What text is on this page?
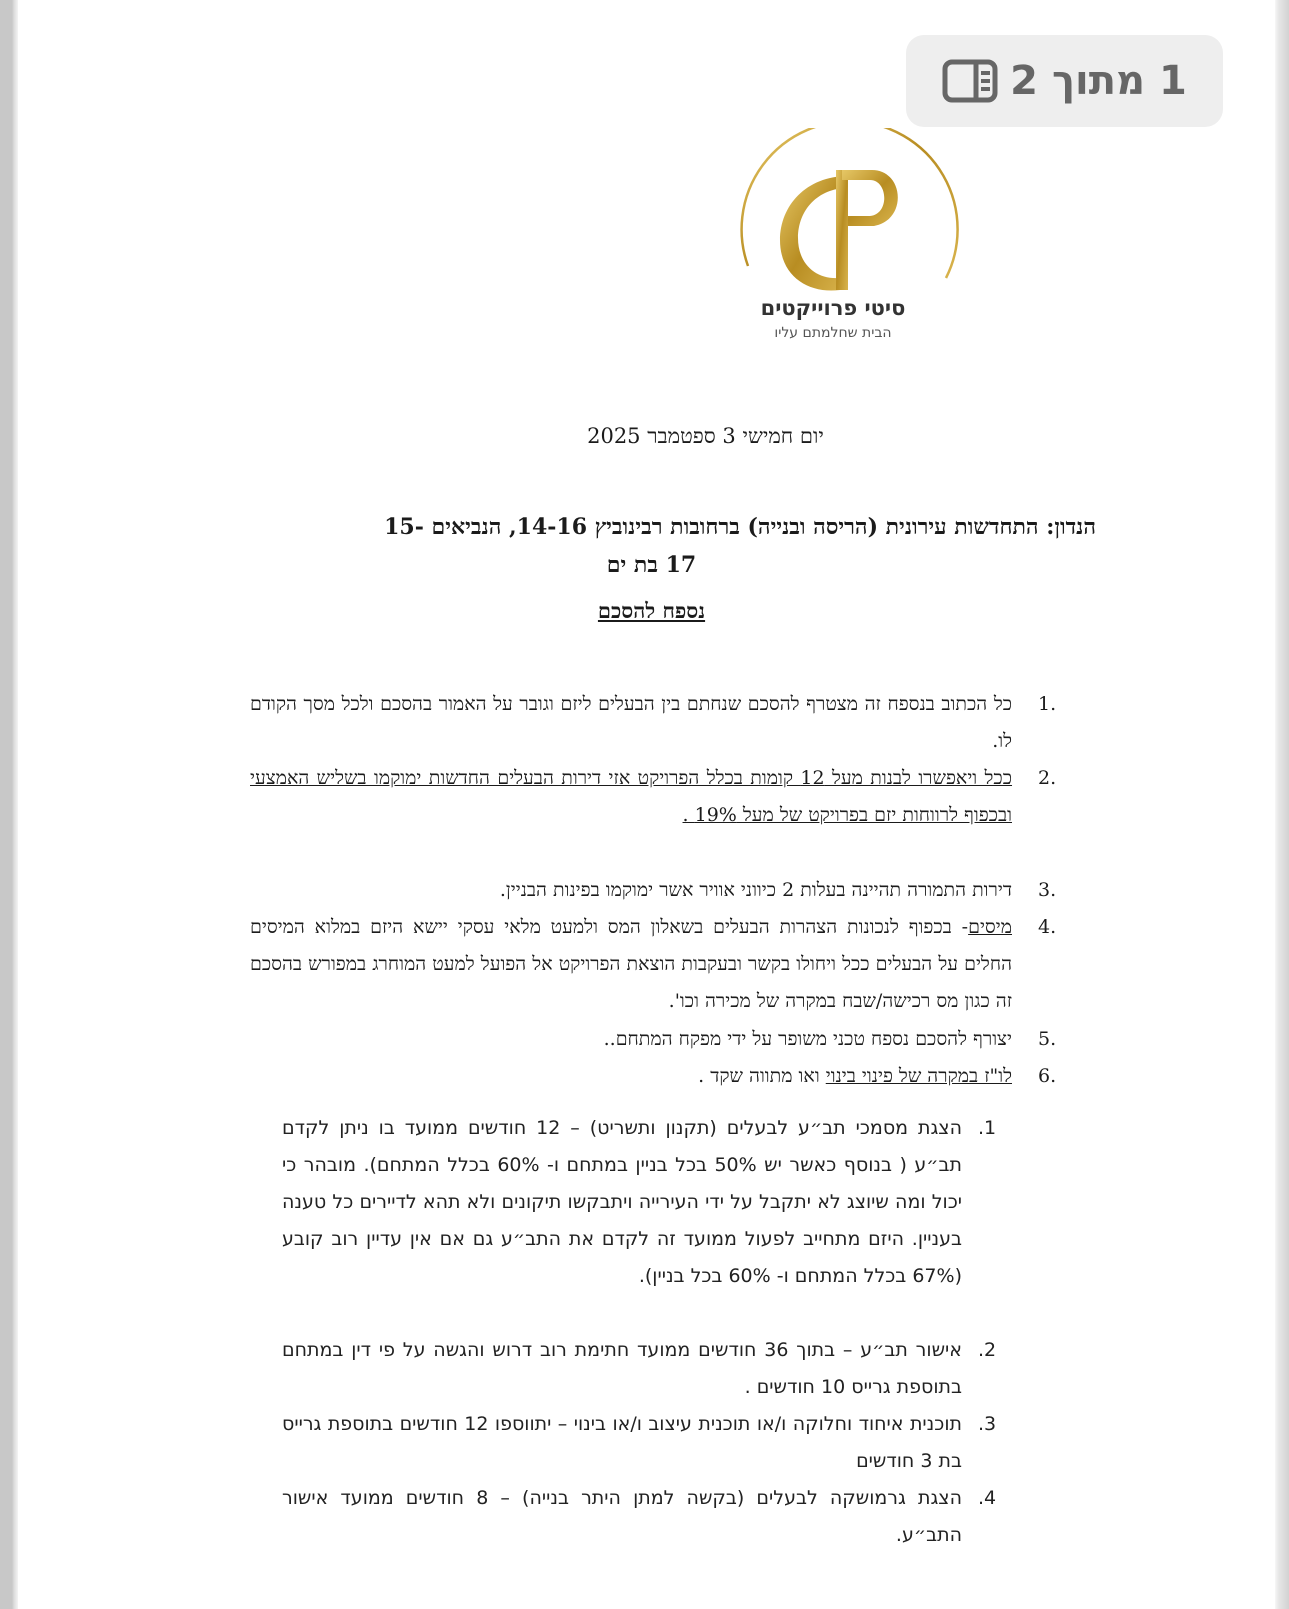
1 מתוך 2
סיטי פרוייקטים
הבית שחלמתם עליו
יום חמישי 3 ספטמבר 2025
הנדון: התחדשות עירונית (הריסה ובנייה) ברחובות רבינוביץ 14-16, הנביאים -15
17 בת ים
נספח להסכם
1.
כל הכתוב בנספח זה מצטרף להסכם שנחתם בין הבעלים ליזם וגובר על האמור בהסכם ולכל מסך הקודם לו.
2.
ככל ויאפשרו לבנות מעל 12 קומות בכלל הפרויקט אזי דירות הבעלים החדשות ימוקמו בשליש האמצעי ובכפוף לרווחות יזם בפרויקט של מעל 19% .
3.
דירות התמורה תהיינה בעלות 2 כיווני אוויר אשר ימוקמו בפינות הבניין.
4.
מיסים- בכפוף לנכונות הצהרות הבעלים בשאלון המס ולמעט מלאי עסקי יישא היזם במלוא המיסים החלים על הבעלים ככל ויחולו בקשר ובעקבות הוצאת הפרויקט אל הפועל למעט המוחרג במפורש בהסכם זה כגון מס רכישה/שבח במקרה של מכירה וכו'.
5.
יצורף להסכם נספח טכני משופר על ידי מפקח המתחם..
6.
לו"ז במקרה של פינוי בינוי ואו מתווה שקד .
.1
הצגת מסמכי תב״ע לבעלים (תקנון ותשריט) – 12 חודשים ממועד בו ניתן לקדם תב״ע ( בנוסף כאשר יש 50% בכל בניין במתחם ו- 60% בכלל המתחם). מובהר כי יכול ומה שיוצג לא יתקבל על ידי העירייה ויתבקשו תיקונים ולא תהא לדיירים כל טענה בעניין. היזם מתחייב לפעול ממועד זה לקדם את התב״ע גם אם אין עדיין רוב קובע (67% בכלל המתחם ו- 60% בכל בניין).
.2
אישור תב״ע – בתוך 36 חודשים ממועד חתימת רוב דרוש והגשה על פי דין במתחם בתוספת גרייס 10 חודשים .
.3
תוכנית איחוד וחלוקה ו/או תוכנית עיצוב ו/או בינוי – יתווספו 12 חודשים בתוספת גרייס בת 3 חודשים
.4
הצגת גרמושקה לבעלים (בקשה למתן היתר בנייה) – 8 חודשים ממועד אישור התב״ע.
